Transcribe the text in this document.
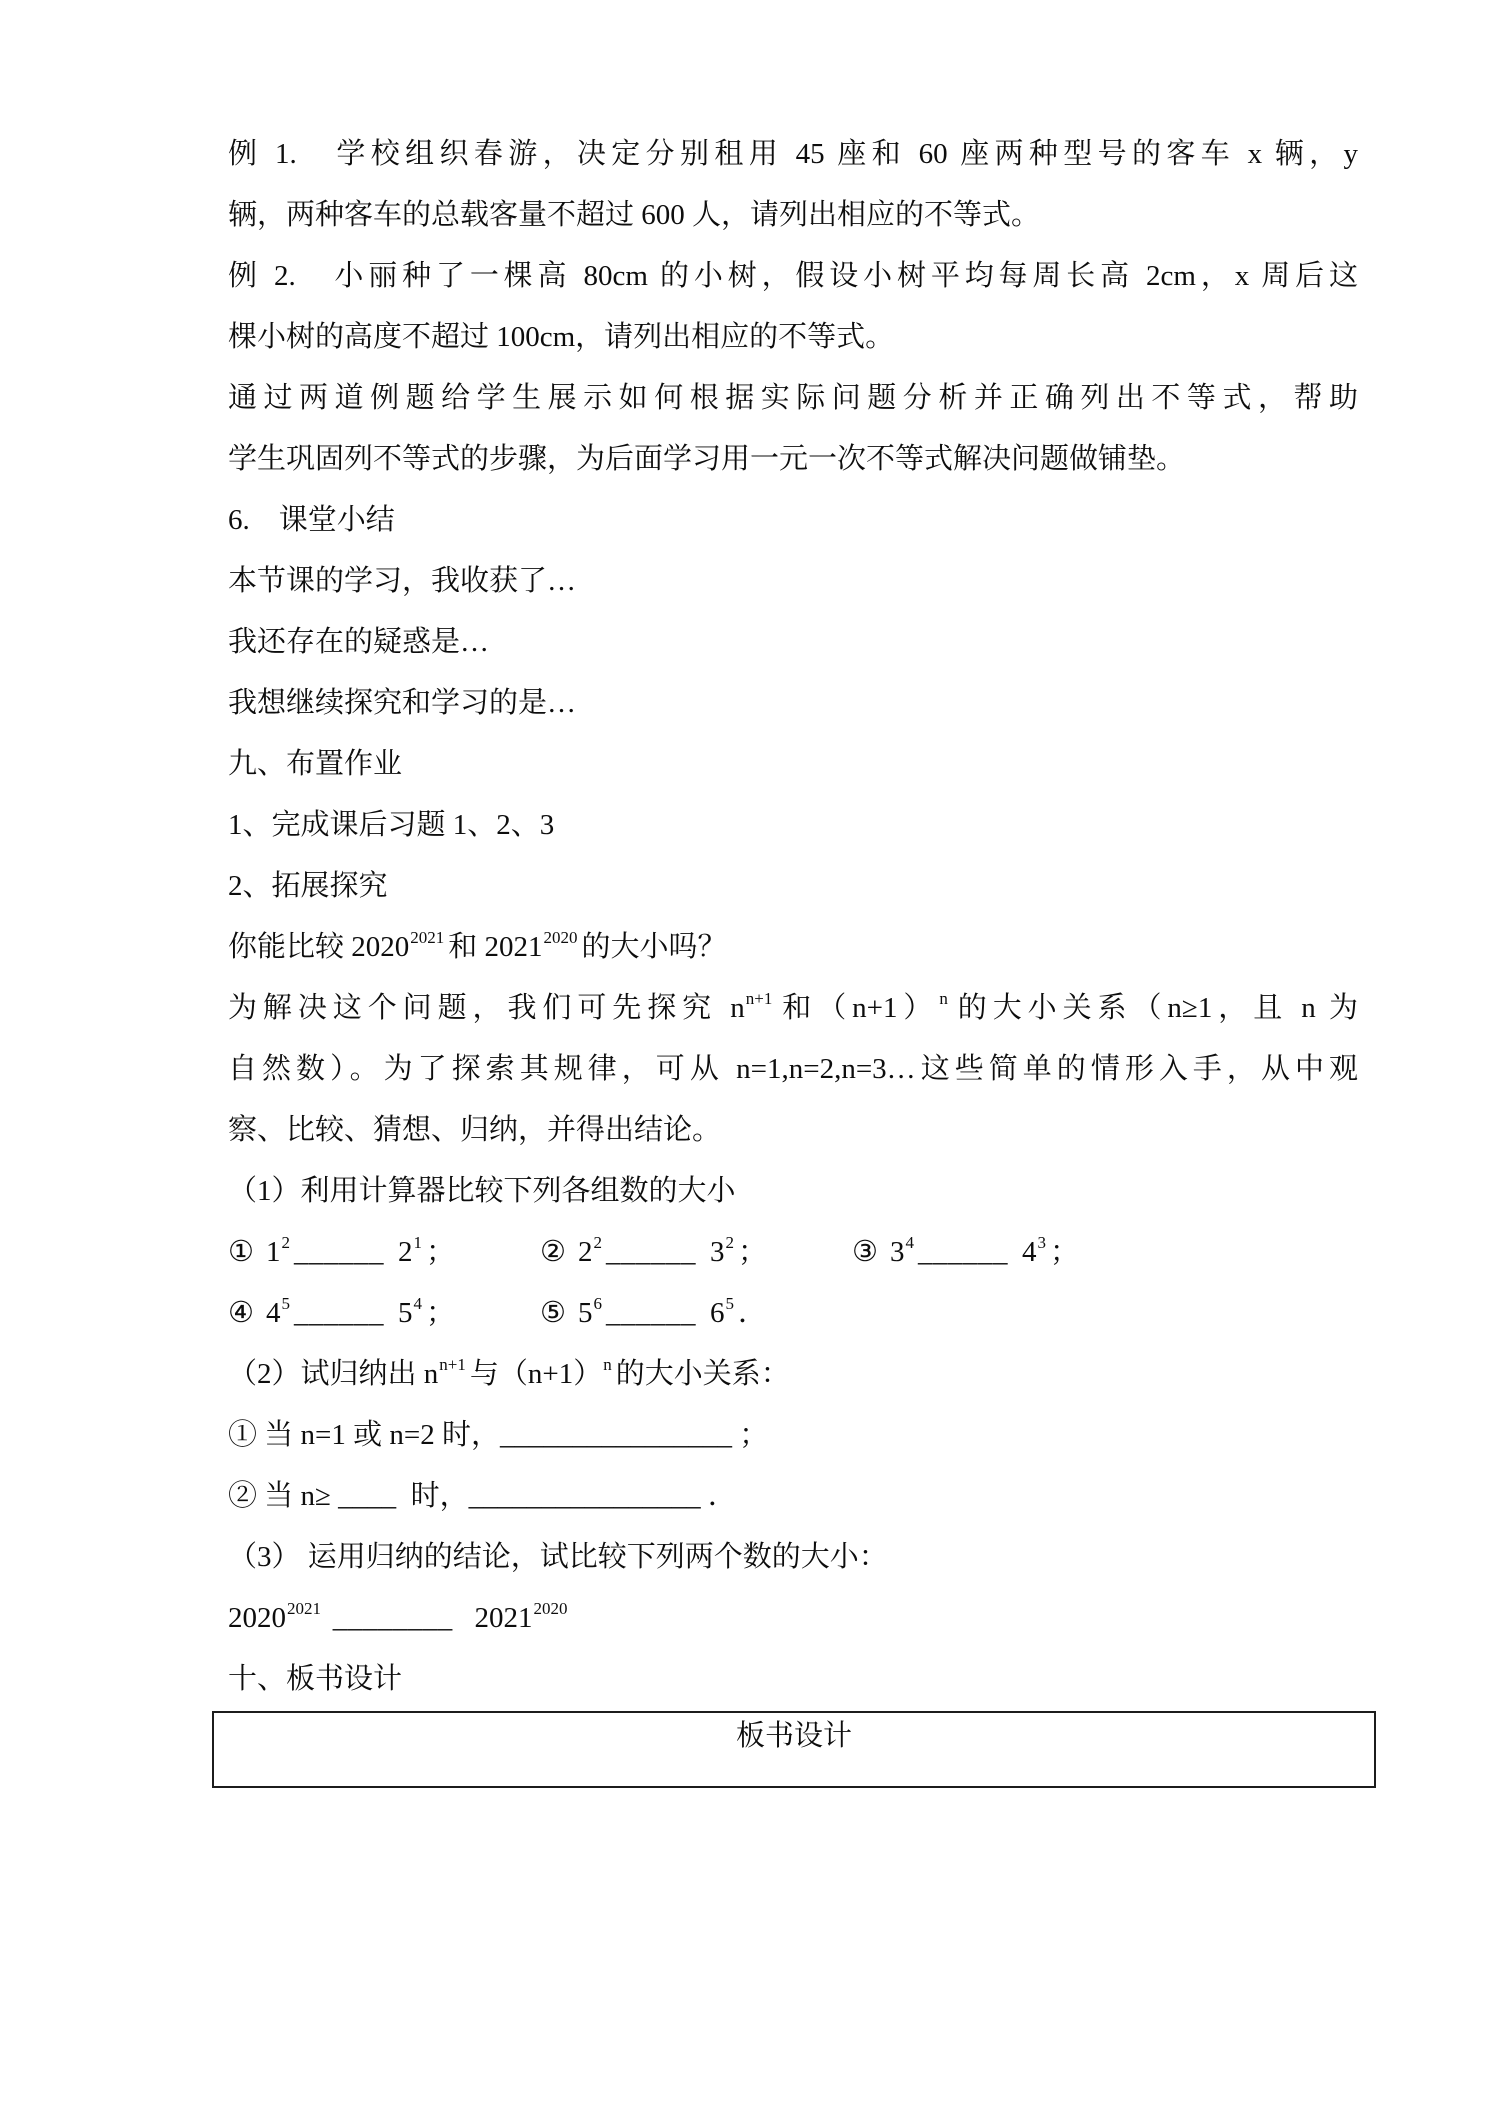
例 1.　学校组织春游，决定分别租用 45 座和 60 座两种型号的客车 x 辆，y

辆，两种客车的总载客量不超过 600 人，请列出相应的不等式。

例 2.　小丽种了一棵高 80cm 的小树，假设小树平均每周长高 2cm，x 周后这

棵小树的高度不超过 100cm，请列出相应的不等式。

通过两道例题给学生展示如何根据实际问题分析并正确列出不等式，帮助

学生巩固列不等式的步骤，为后面学习用一元一次不等式解决问题做铺垫。

6.　课堂小结

本节课的学习，我收获了…

我还存在的疑惑是…

我想继续探究和学习的是…

九、布置作业

1、完成课后习题 1、2、3

2、拓展探究

你能比较 $2020^{2021}$ 和 $2021^{2020}$ 的大小吗？

为解决这个问题，我们可先探究 $n^{n+1}$ 和$(n+1)^n$ 的大小关系（n≥1，且 n 为

自然数）。为了探索其规律，可从 n=1,n=2,n=3…这些简单的情形入手，从中观

察、比较、猜想、归纳，并得出结论。

（1）利用计算器比较下列各组数的大小

① $1^2$ ______ $2^1$ ；	② $2^2$ ______ $3^2$ ；	③ $3^4$ ______ $4^3$ ；

④ $4^5$ ______ $5^4$ ；	⑤ $5^6$ ______ $6^5$ ．

（2）试归纳出 $n^{n+1}$ 与$(n+1)^n$ 的大小关系：

① 当 n=1 或 n=2 时，________________ ；

② 当 n≥ ____  时，________________ ．

（3） 运用归纳的结论，试比较下列两个数的大小：

$2020^{2021}$ ________ $2021^{2020}$

十、板书设计

板书设计
